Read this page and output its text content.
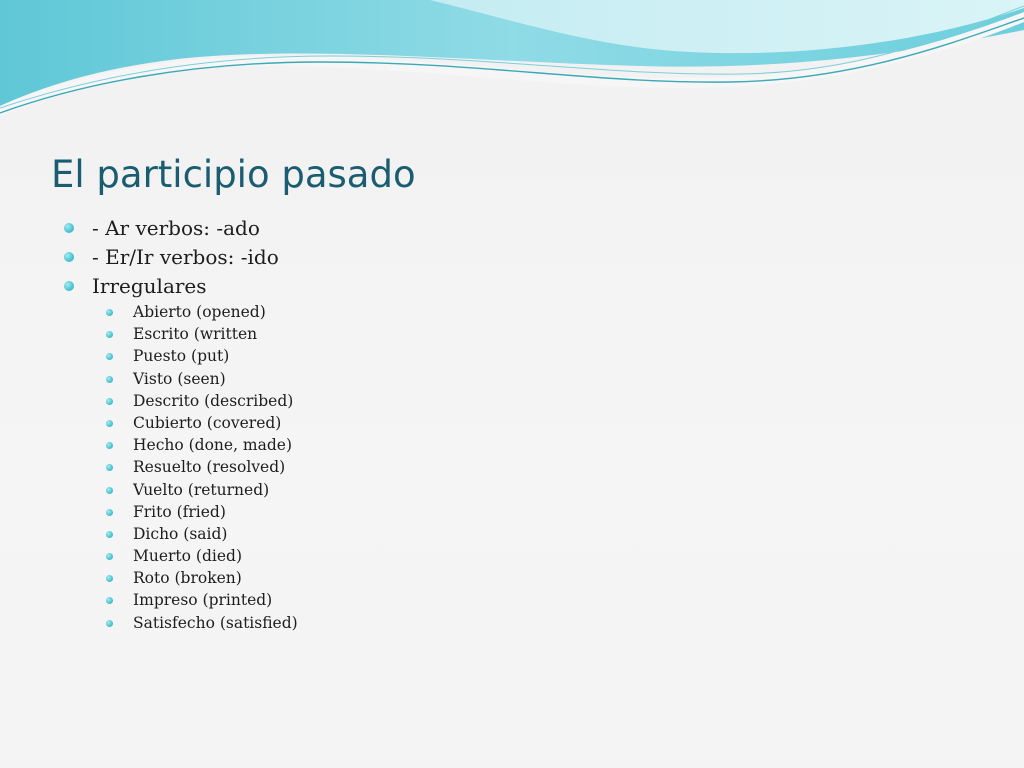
El participio pasado
- Ar verbos: -ado
- Er/Ir verbos: -ido
Irregulares
Abierto (opened)
Escrito (written
Puesto (put)
Visto (seen)
Descrito (described)
Cubierto (covered)
Hecho (done, made)
Resuelto (resolved)
Vuelto (returned)
Frito (fried)
Dicho (said)
Muerto (died)
Roto (broken)
Impreso (printed)
Satisfecho (satisfied)
